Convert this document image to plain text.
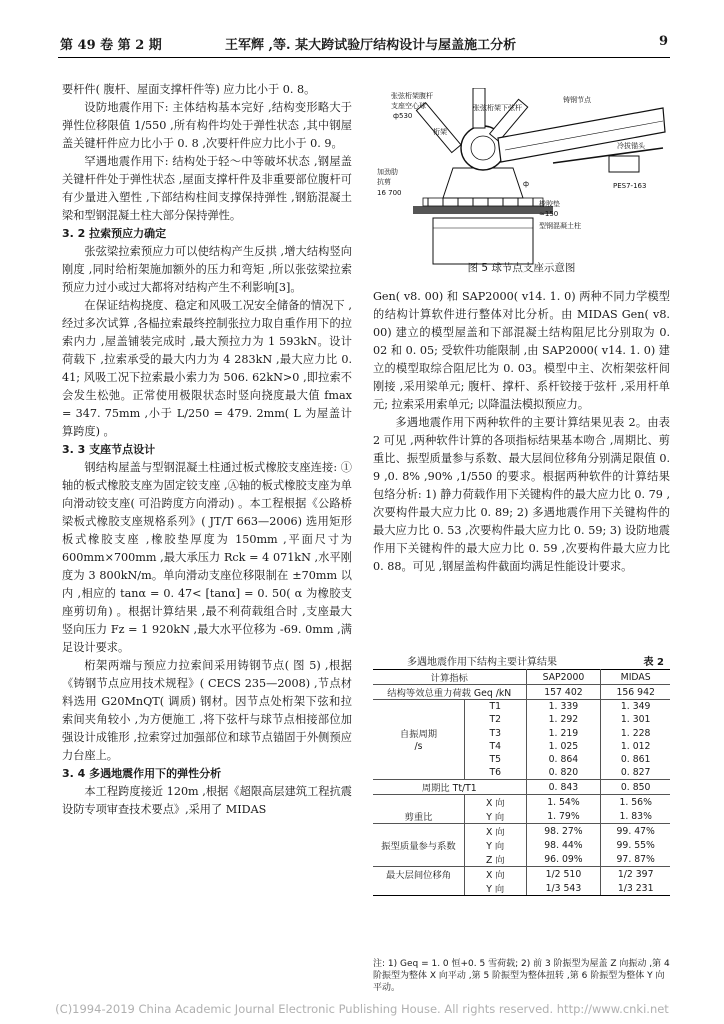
第 49 卷 第 2 期	王军辉 ,等. 某大跨试验厅结构设计与屋盖施工分析	9

要杆件( 腹杆、屋面支撑杆件等) 应力比小于 0. 8。

设防地震作用下: 主体结构基本完好 ,结构变形略大于弹性位移限值 1/550 ,所有构件均处于弹性状态 ,其中钢屋盖关键杆件应力比小于 0. 8 ,次要杆件应力比小于 0. 9。

罕遇地震作用下: 结构处于轻～中等破坏状态 ,钢屋盖关键杆件处于弹性状态 ,屋面支撑杆件及非重要部位腹杆可有少量进入塑性 ,下部结构柱间支撑保持弹性 ,钢筋混凝土梁和型钢混凝土柱大部分保持弹性。

3. 2 拉索预应力确定

张弦梁拉索预应力可以使结构产生反拱 ,增大结构竖向刚度 ,同时给桁架施加额外的压力和弯矩 ,所以张弦梁拉索预应力过小或过大都将对结构产生不利影响[3]。

在保证结构挠度、稳定和风吸工况安全储备的情况下 ,经过多次试算 ,各榀拉索最终控制张拉力取自重作用下的拉索内力 ,屋盖铺装完成时 ,最大预拉力为 1 593kN。设计荷载下 ,拉索承受的最大内力为 4 283kN ,最大应力比 0. 41; 风吸工况下拉索最小索力为 506. 62kN>0 ,即拉索不会发生松弛。正常使用极限状态时竖向挠度最大值 fmax = 347. 75mm ,小于 L/250 = 479. 2mm( L 为屋盖计算跨度) 。

3. 3 支座节点设计

钢结构屋盖与型钢混凝土柱通过板式橡胶支座连接: ①轴的板式橡胶支座为固定铰支座 ,Ⓐ轴的板式橡胶支座为单向滑动铰支座( 可沿跨度方向滑动) 。本工程根据《公路桥梁板式橡胶支座规格系列》( JT/T 663—2006) 选用矩形板式橡胶支座 ,橡胶垫厚度为 150mm ,平面尺寸为 600mm×700mm ,最大承压力 Rck = 4 071kN ,水平刚度为 3 800kN/m。单向滑动支座位移限制在 ±70mm 以内 ,相应的 tanα = 0. 47< [tanα] = 0. 50( α 为橡胶支座剪切角) 。根据计算结果 ,最不利荷载组合时 ,支座最大竖向压力 Fz = 1 920kN ,最大水平位移为 -69. 0mm ,满足设计要求。

桁架两端与预应力拉索间采用铸钢节点( 图 5) ,根据《铸钢节点应用技术规程》( CECS 235—2008) ,节点材料选用 G20MnQT( 调质) 钢材。因节点处桁架下弦和拉索间夹角较小 ,为方便施工 ,将下弦杆与球节点相接部位加强设计成锥形 ,拉索穿过加强部位和球节点锚固于外侧预应力台座上。

3. 4 多遇地震作用下的弹性分析

本工程跨度接近 120m ,根据《超限高层建筑工程抗震设防专项审查技术要点》,采用了 MIDAS

张弦桁架腹杆
支座空心球
ф530
张弦桁架下弦杆
铸钢节点
冷拔锚头
加劲肋
抗剪
16 700
橡胶垫
≈150
型钢混凝土柱
PES7-163
桁架
ф
图 5 球节点支座示意图

Gen( v8. 00) 和 SAP2000( v14. 1. 0) 两种不同力学模型的结构计算软件进行整体对比分析。由 MIDAS Gen( v8. 00) 建立的模型屋盖和下部混凝土结构阻尼比分别取为 0. 02 和 0. 05; 受软件功能限制 ,由 SAP2000( v14. 1. 0) 建立的模型取综合阻尼比为 0. 03。模型中主、次桁架弦杆间刚接 ,采用梁单元; 腹杆、撑杆、系杆铰接于弦杆 ,采用杆单元; 拉索采用索单元; 以降温法模拟预应力。

多遇地震作用下两种软件的主要计算结果见表 2。由表 2 可见 ,两种软件计算的各项指标结果基本吻合 ,周期比、剪重比、振型质量参与系数、最大层间位移角分别满足限值 0. 9 ,0. 8% ,90% ,1/550 的要求。根据两种软件的计算结果包络分析: 1) 静力荷载作用下关键构件的最大应力比 0. 79 ,次要构件最大应力比 0. 89; 2) 多遇地震作用下关键构件的最大应力比 0. 53 ,次要构件最大应力比 0. 59; 3) 设防地震作用下关键构件的最大应力比 0. 59 ,次要构件最大应力比 0. 88。可见 ,钢屋盖构件截面均满足性能设计要求。

多遇地震作用下结构主要计算结果	表 2
计算指标		SAP2000	MIDAS
结构等效总重力荷载 Geq /kN		157 402	156 942
	T1	1. 339	1. 349
	T2	1. 292	1. 301
自振周期	T3	1. 219	1. 228
/s	T4	1. 025	1. 012
	T5	0. 864	0. 861
	T6	0. 820	0. 827
周期比 Tt/T1		0. 843	0. 850
	X 向	1. 54%	1. 56%
剪重比	Y 向	1. 79%	1. 83%
	X 向	98. 27%	99. 47%
振型质量参与系数	Y 向	98. 44%	99. 55%
	Z 向	96. 09%	97. 87%
最大层间位移角	X 向	1/2 510	1/2 397
	Y 向	1/3 543	1/3 231
注: 1) Geq = 1. 0 恒+0. 5 雪荷载; 2) 前 3 阶振型为屋盖 Z 向振动 ,第 4 阶振型为整体 X 向平动 ,第 5 阶振型为整体扭转 ,第 6 阶振型为整体 Y 向平动。
(C)1994-2019 China Academic Journal Electronic Publishing House. All rights reserved. http://www.cnki.net
